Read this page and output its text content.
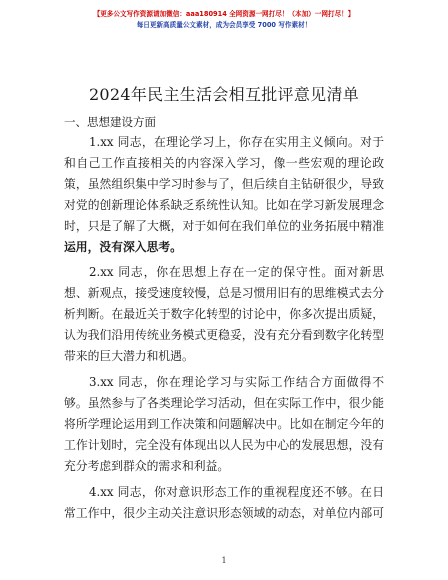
【更多公文写作资源请加微信：aaa180914 全网资源一网打尽！（本加）一网打尽！】
每日更新高质量公文素材，成为会员享受 7000 写作素材！
2024年民主生活会相互批评意见清单
一、思想建设方面
1.xx 同志，在理论学习上，你存在实用主义倾向。对于
和自己工作直接相关的内容深入学习，像一些宏观的理论政
策，虽然组织集中学习时参与了，但后续自主钻研很少，导致
对党的创新理论体系缺乏系统性认知。比如在学习新发展理念
时，只是了解了大概，对于如何在我们单位的业务拓展中精准
运用，没有深入思考。
2.xx 同志，你在思想上存在一定的保守性。面对新思
想、新观点，接受速度较慢，总是习惯用旧有的思维模式去分
析判断。在最近关于数字化转型的讨论中，你多次提出质疑，
认为我们沿用传统业务模式更稳妥，没有充分看到数字化转型
带来的巨大潜力和机遇。
3.xx 同志，你在理论学习与实际工作结合方面做得不
够。虽然参与了各类理论学习活动，但在实际工作中，很少能
将所学理论运用到工作决策和问题解决中。比如在制定今年的
工作计划时，完全没有体现出以人民为中心的发展思想，没有
充分考虑到群众的需求和利益。
4.xx 同志，你对意识形态工作的重视程度还不够。在日
常工作中，很少主动关注意识形态领域的动态，对单位内部可
1
